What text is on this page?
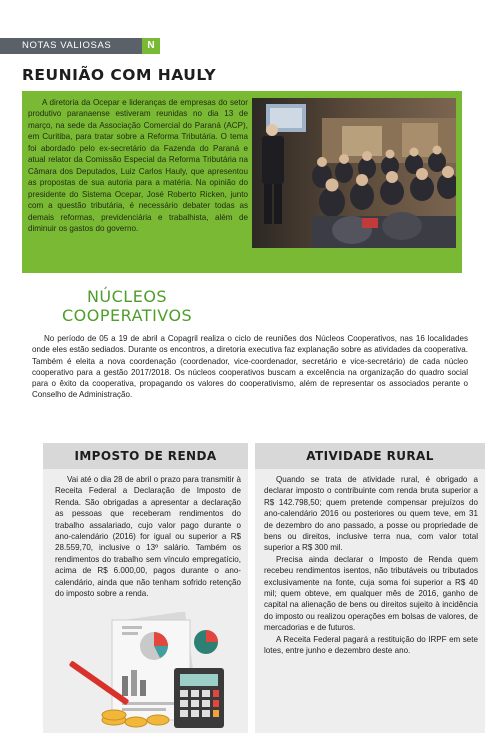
NOTAS VALIOSAS	N
REUNIÃO COM HAULY
A diretoria da Ocepar e lideranças de empresas do setor produtivo paranaense estiveram reunidas no dia 13 de março, na sede da Associação Comercial do Paraná (ACP), em Curitiba, para tratar sobre a Reforma Tributária. O tema foi abordado pelo ex-secretário da Fazenda do Paraná e atual relator da Comissão Especial da Reforma Tributária na Câmara dos Deputados, Luiz Carlos Hauly, que apresentou as propostas de sua autoria para a matéria. Na opinião do presidente do Sistema Ocepar, José Roberto Ricken, junto com a questão tributária, é necessário debater todas as demais reformas, previdenciária e trabalhista, além de diminuir os gastos do governo.
NÚCLEOS
COOPERATIVOS
No período de 05 a 19 de abril a Copagril realiza o ciclo de reuniões dos Núcleos Cooperativos, nas 16 localidades onde eles estão sediados. Durante os encontros, a diretoria executiva faz explanação sobre as atividades da cooperativa. Também é eleita a nova coordenação (coordenador, vice-coordenador, secretário e vice-secretário) de cada núcleo cooperativo para a gestão 2017/2018. Os núcleos cooperativos buscam a excelência na organização do quadro social para o êxito da cooperativa, propagando os valores do cooperativismo, além de representar os associados perante o Conselho de Administração.
IMPOSTO DE RENDA	ATIVIDADE RURAL

Vai até o dia 28 de abril o prazo para transmitir à Receita Federal a Declaração de Imposto de Renda. São obrigadas a apresentar a declaração as pessoas que receberam rendimentos do trabalho assalariado, cujo valor pago durante o ano-calendário (2016) for igual ou superior a R$ 28.559,70, inclusive o 13º salário. Também os rendimentos do trabalho sem vínculo empregatício, acima de R$ 6.000,00, pagos durante o ano-calendário, ainda que não tenham sofrido retenção do imposto sobre a renda.

Quando se trata de atividade rural, é obrigado a declarar imposto o contribuinte com renda bruta superior a R$ 142.798,50; quem pretende compensar prejuízos do ano-calendário 2016 ou posteriores ou quem teve, em 31 de dezembro do ano passado, a posse ou propriedade de bens ou direitos, inclusive terra nua, com valor total superior a R$ 300 mil.

Precisa ainda declarar o Imposto de Renda quem recebeu rendimentos isentos, não tributáveis ou tributados exclusivamente na fonte, cuja soma foi superior a R$ 40 mil; quem obteve, em qualquer mês de 2016, ganho de capital na alienação de bens ou direitos sujeito à incidência do imposto ou realizou operações em bolsas de valores, de mercadorias e de futuros.

A Receita Federal pagará a restituição do IRPF em sete lotes, entre junho e dezembro deste ano.
